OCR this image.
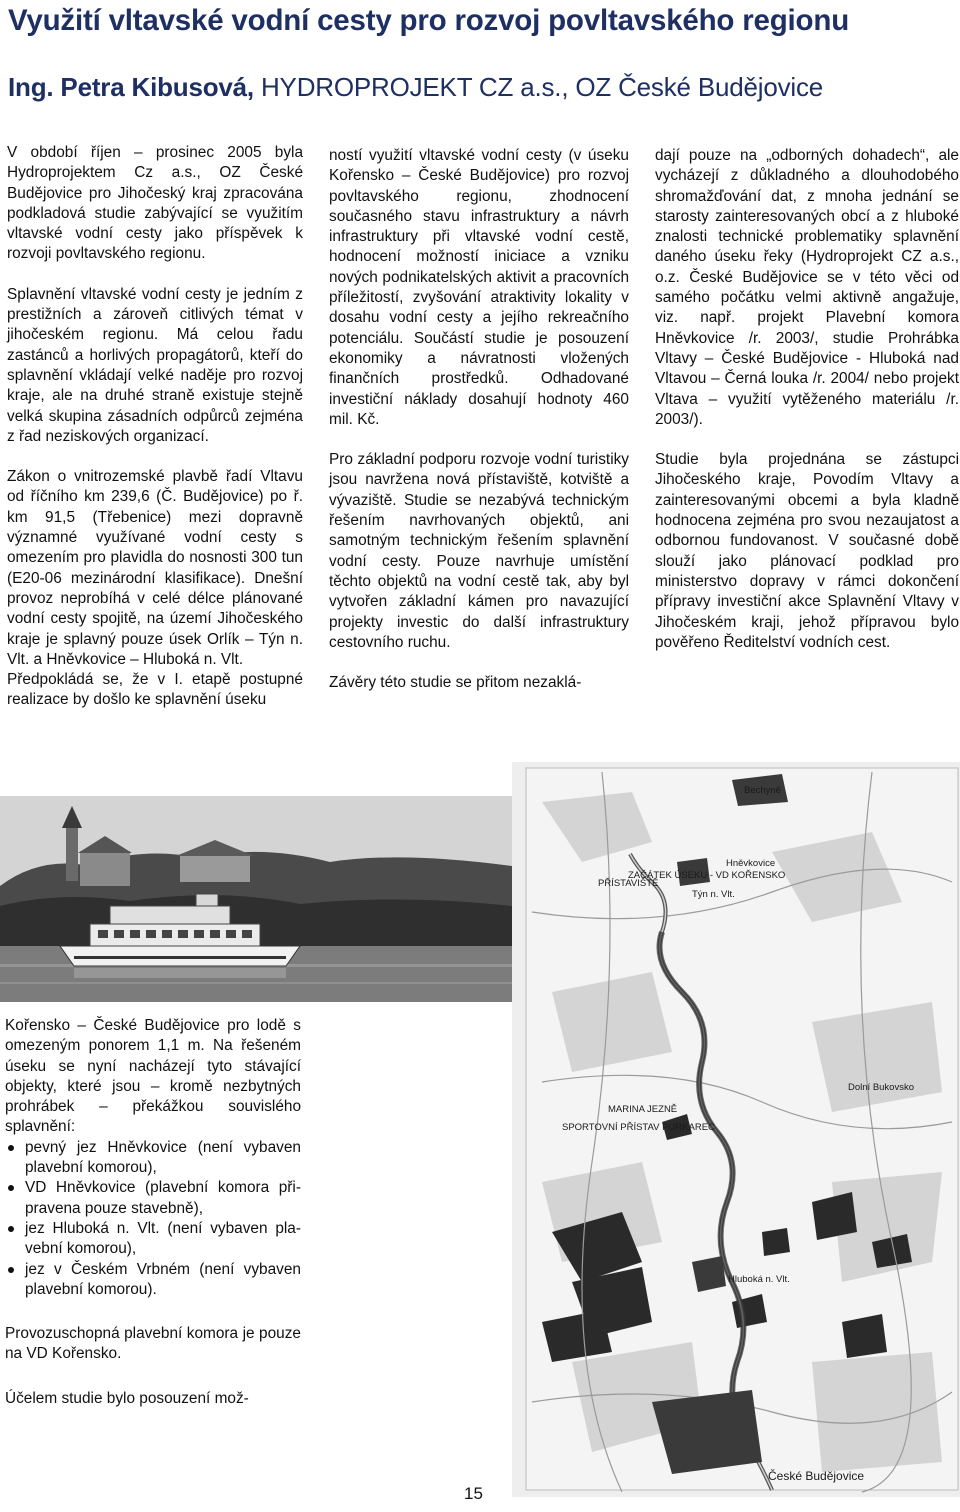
Využití vltavské vodní cesty pro rozvoj povltavského regionu
Ing. Petra Kibusová, HYDROPROJEKT CZ a.s., OZ České Budějovice

V období říjen – prosinec 2005 byla Hydroprojektem Cz a.s., OZ České Budějovice pro Jihočeský kraj zpracována podkladová studie zabývající se využitím vltavské vodní cesty jako příspěvek k rozvoji povltavského regionu.

Splavnění vltavské vodní cesty je jedním z prestižních a zároveň citlivých témat v jihočeském regionu. Má celou řadu zastánců a horlivých propagátorů, kteří do splavnění vkládají velké naděje pro rozvoj kraje, ale na druhé straně existuje stejně velká skupina zásadních odpůrců zejména z řad neziskových organizací.

Zákon o vnitrozemské plavbě řadí Vltavu od říčního km 239,6 (Č. Budějovice) po ř. km 91,5 (Třebenice) mezi dopravně významné využívané vodní cesty s omezením pro plavidla do nosnosti 300 tun (E20-06 mezinárodní klasifikace). Dnešní provoz neprobíhá v celé délce plánované vodní cesty spojitě, na území Jihočeského kraje je splavný pouze úsek Orlík – Týn n. Vlt. a Hněvkovice – Hluboká n. Vlt.

Předpokládá se, že v I. etapě postupné realizace by došlo ke splavnění úseku

ností využití vltavské vodní cesty (v úseku Kořensko – České Budějovice) pro rozvoj povltavského regionu, zhodnocení současného stavu infrastruktury a návrh infrastruktury při vltavské vodní cestě, hodnocení možností iniciace a vzniku nových podnikatelských aktivit a pracovních příležitostí, zvyšování atraktivity lokality v dosahu vodní cesty a jejího rekreačního potenciálu. Součástí studie je posouzení ekonomiky a návratnosti vložených finančních prostředků. Odhadované investiční náklady dosahují hodnoty 460 mil. Kč.

Pro základní podporu rozvoje vodní turistiky jsou navržena nová přístaviště, kotviště a vývaziště. Studie se nezabývá technickým řešením navrhovaných objektů, ani samotným technickým řešením splavnění vodní cesty. Pouze navrhuje umístění těchto objektů na vodní cestě tak, aby byl vytvořen základní kámen pro navazující projekty investic do další infrastruktury cestovního ruchu.

Závěry této studie se přitom nezaklá-

dají pouze na „odborných dohadech“, ale vycházejí z důkladného a dlouhodobého shromažďování dat, z mnoha jednání se starosty zainteresovaných obcí a z hluboké znalosti technické problematiky splavnění daného úseku řeky (Hydroprojekt CZ a.s., o.z. České Budějovice se v této věci od samého počátku velmi aktivně angažuje, viz. např. projekt Plavební komora Hněvkovice /r. 2003/, studie Prohrábka Vltavy – České Budějovice - Hluboká nad Vltavou – Černá louka /r. 2004/ nebo projekt Vltava – využití vytěženého materiálu /r. 2003/).

Studie byla projednána se zástupci Jihočeského kraje, Povodím Vltavy a zainteresovanými obcemi a byla kladně hodnocena zejména pro svou nezaujatost a odbornou fundovanost. V současné době slouží jako plánovací podklad pro ministerstvo dopravy v rámci dokončení přípravy investiční akce Splavnění Vltavy v Jihočeském kraji, jehož přípravou bylo pověřeno Ředitelství vodních cest.

Bechyně
Hněvkovice
Týn n. Vlt.
PŘÍSTAVIŠTĚ
ZAČÁTEK ÚSEKU - VD KOŘENSKO
Dolní Bukovsko
MARINA JEZNĚ
SPORTOVNÍ PŘÍSTAV PURKAREC
Hluboká n. Vlt.
České Budějovice

Kořensko – České Budějovice pro lodě s omezeným ponorem 1,1 m. Na řešeném úseku se nyní nacházejí tyto stávající objekty, které jsou – kromě nezbytných prohrábek – překážkou souvislého splavnění:

pevný jez Hněvkovice (není vybaven plavební komorou),
VD Hněvkovice (plavební komora připravena pouze stavebně),
jez Hluboká n. Vlt. (není vybaven plavební komorou),
jez v Českém Vrbném (není vybaven plavební komorou).

Provozuschopná plavební komora je pouze na VD Kořensko.

Účelem studie bylo posouzení mož-

15
